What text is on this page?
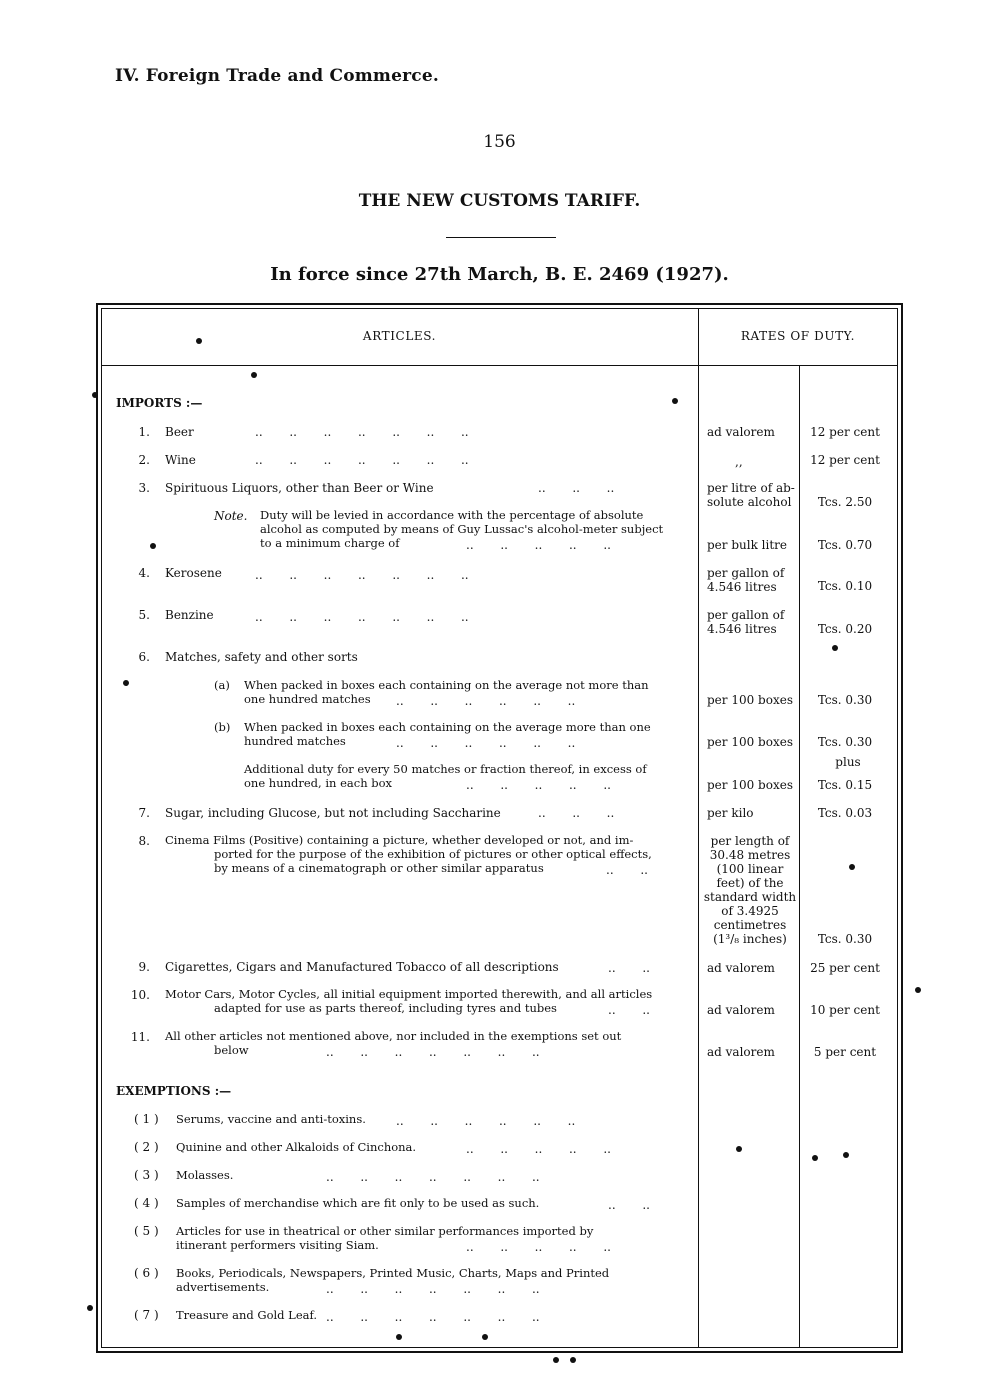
IV. Foreign Trade and Commerce.
156
THE NEW CUSTOMS TARIFF.
In force since 27th March, B. E. 2469 (1927).
ARTICLES.	RATES OF DUTY.
IMPORTS :—
1. Beer	..       ..       ..       ..       ..       ..       ..	ad valorem	12 per cent
2. Wine	..       ..       ..       ..       ..       ..       ..	,,	12 per cent
3. Spirituous Liquors, other than Beer or Wine	..       ..       ..	per litre of ab-
solute alcohol	Tcs. 2.50
Note. Duty will be levied in accordance with the percentage of absolute
alcohol as computed by means of Guy Lussac's alcohol-meter subject
to a minimum charge of	..       ..       ..       ..       ..	per bulk litre	Tcs. 0.70
4. Kerosene	..       ..       ..       ..       ..       ..       ..	per gallon of
4.546 litres	Tcs. 0.10
5. Benzine	..       ..       ..       ..       ..       ..       ..	per gallon of
4.546 litres	Tcs. 0.20
6. Matches, safety and other sorts
(a) When packed in boxes each containing on the average not more than
one hundred matches ..       ..       ..       ..       ..       ..	per 100 boxes	Tcs. 0.30
(b) When packed in boxes each containing on the average more than one
hundred matches	..       ..       ..       ..       ..       ..	per 100 boxes	Tcs. 0.30
plus
Additional duty for every 50 matches or fraction thereof, in excess of
one hundred, in each box	..       ..       ..       ..       ..	per 100 boxes	Tcs. 0.15
7. Sugar, including Glucose, but not including Saccharine	..       ..       ..	per kilo	Tcs. 0.03
8. Cinema Films (Positive) containing a picture, whether developed or not, and im-
ported for the purpose of the exhibition of pictures or other optical effects,
by means of a cinematograph or other similar apparatus	..       ..
per length of
30.48 metres
(100 linear
feet) of the
standard width
of 3.4925
centimetres
(1³/₈ inches)	Tcs. 0.30
9. Cigarettes, Cigars and Manufactured Tobacco of all descriptions	..       ..	ad valorem	25 per cent
10. Motor Cars, Motor Cycles, all initial equipment imported therewith, and all articles
adapted for use as parts thereof, including tyres and tubes	..       ..	ad valorem	10 per cent
11. All other articles not mentioned above, nor included in the exemptions set out
below	..       ..       ..       ..       ..       ..       ..	ad valorem	5 per cent
EXEMPTIONS :—
( 1 ) Serums, vaccine and anti-toxins.	..       ..       ..       ..       ..       ..
( 2 ) Quinine and other Alkaloids of Cinchona.	..       ..       ..       ..       ..
( 3 ) Molasses.	..       ..       ..       ..       ..       ..       ..
( 4 ) Samples of merchandise which are fit only to be used as such.	..       ..
( 5 ) Articles for use in theatrical or other similar performances imported by
itinerant performers visiting Siam.	..       ..       ..       ..       ..
( 6 ) Books, Periodicals, Newspapers, Printed Music, Charts, Maps and Printed
advertisements.	..       ..       ..       ..       ..       ..       ..
( 7 ) Treasure and Gold Leaf. ..       ..       ..       ..       ..       ..       ..
